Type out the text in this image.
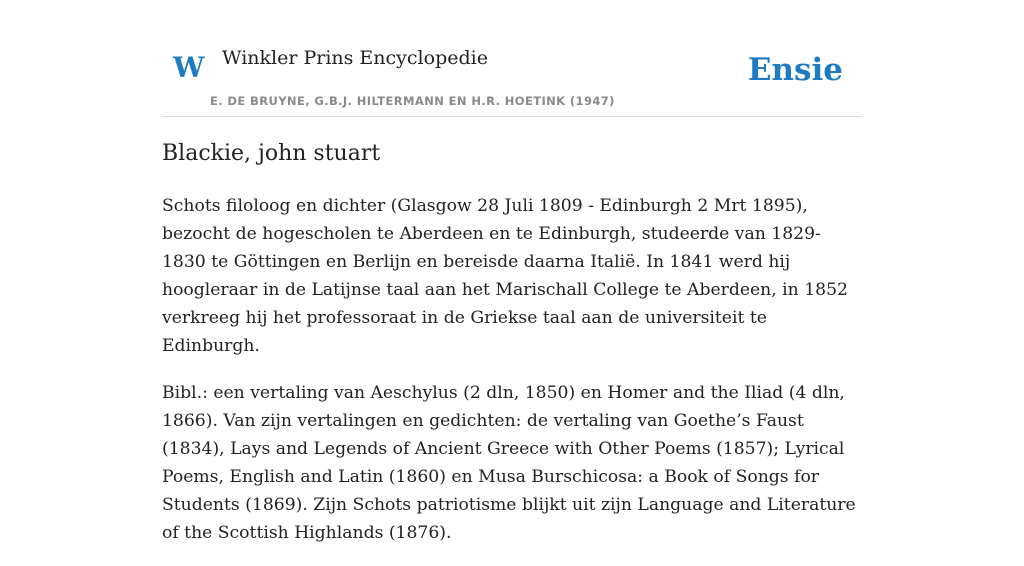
W Winkler Prins Encyclopedie
E. DE BRUYNE, G.B.J. HILTERMANN EN H.R. HOETINK (1947)
Ensie
Blackie, john stuart

Schots filoloog en dichter (Glasgow 28 Juli 1809 - Edinburgh 2 Mrt 1895), bezocht de hogescholen te Aberdeen en te Edinburgh, studeerde van 1829-1830 te Göttingen en Berlijn en bereisde daarna Italië. In 1841 werd hij hoogleraar in de Latijnse taal aan het Marischall College te Aberdeen, in 1852 verkreeg hij het professoraat in de Griekse taal aan de universiteit te Edinburgh.

Bibl.: een vertaling van Aeschylus (2 dln, 1850) en Homer and the Iliad (4 dln, 1866). Van zijn vertalingen en gedichten: de vertaling van Goethe’s Faust (1834), Lays and Legends of Ancient Greece with Other Poems (1857); Lyrical Poems, English and Latin (1860) en Musa Burschicosa: a Book of Songs for Students (1869). Zijn Schots patriotisme blijkt uit zijn Language and Literature of the Scottish Highlands (1876).
